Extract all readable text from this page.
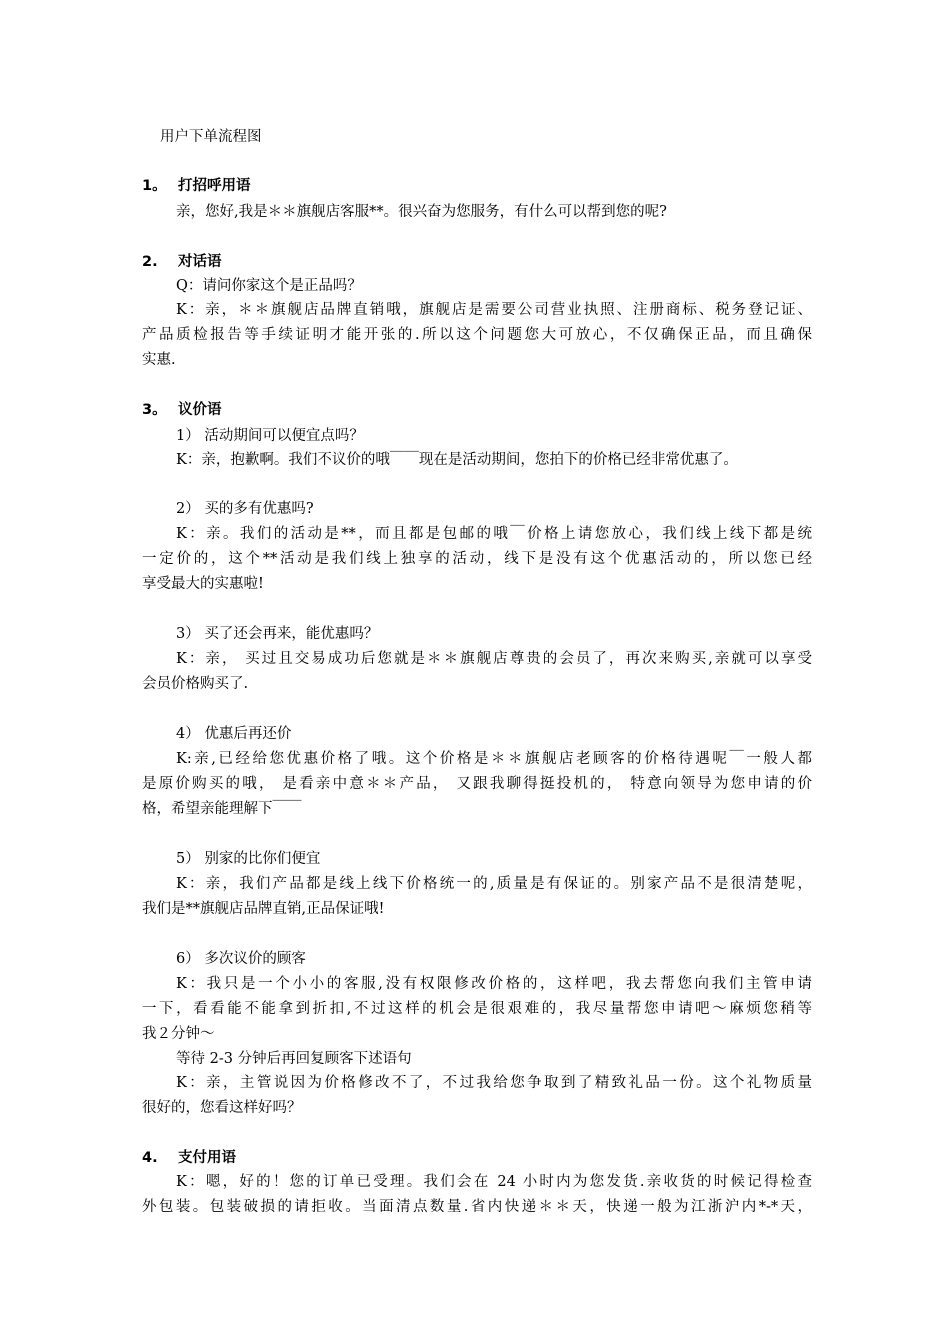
用户下单流程图
1。 打招呼用语
亲，您好,我是＊＊旗舰店客服**。很兴奋为您服务，有什么可以帮到您的呢?
2. 对话语
Q：请问你家这个是正品吗？
K：亲，＊＊旗舰店品牌直销哦，旗舰店是需要公司营业执照、注册商标、税务登记证、
产品质检报告等手续证明才能开张的.所以这个问题您大可放心，不仅确保正品，而且确保
实惠.
3。 议价语
1） 活动期间可以便宜点吗？
K：亲，抱歉啊。我们不议价的哦￣￣现在是活动期间，您拍下的价格已经非常优惠了。
2） 买的多有优惠吗?
K：亲。我们的活动是**，而且都是包邮的哦￣价格上请您放心，我们线上线下都是统
一定价的，这个**活动是我们线上独享的活动，线下是没有这个优惠活动的，所以您已经
享受最大的实惠啦!
3） 买了还会再来，能优惠吗？
K：亲， 买过且交易成功后您就是＊＊旗舰店尊贵的会员了，再次来购买,亲就可以享受
会员价格购买了.
4） 优惠后再还价
K:亲,已经给您优惠价格了哦。这个价格是＊＊旗舰店老顾客的价格待遇呢￣一般人都
是原价购买的哦， 是看亲中意＊＊产品， 又跟我聊得挺投机的， 特意向领导为您申请的价
格，希望亲能理解下￣￣
5） 别家的比你们便宜
K：亲，我们产品都是线上线下价格统一的,质量是有保证的。别家产品不是很清楚呢，
我们是**旗舰店品牌直销,正品保证哦!
6） 多次议价的顾客
K：我只是一个小小的客服,没有权限修改价格的，这样吧，我去帮您向我们主管申请
一下，看看能不能拿到折扣,不过这样的机会是很艰难的，我尽量帮您申请吧～麻烦您稍等
我２分钟～
等待 2-3 分钟后再回复顾客下述语句
K：亲，主管说因为价格修改不了，不过我给您争取到了精致礼品一份。这个礼物质量
很好的，您看这样好吗？
4. 支付用语
K：嗯，好的！您的订单已受理。我们会在 24 小时内为您发货.亲收货的时候记得检查
外包装。包装破损的请拒收。当面清点数量.省内快递＊＊天，快递一般为江浙沪内*-*天，
